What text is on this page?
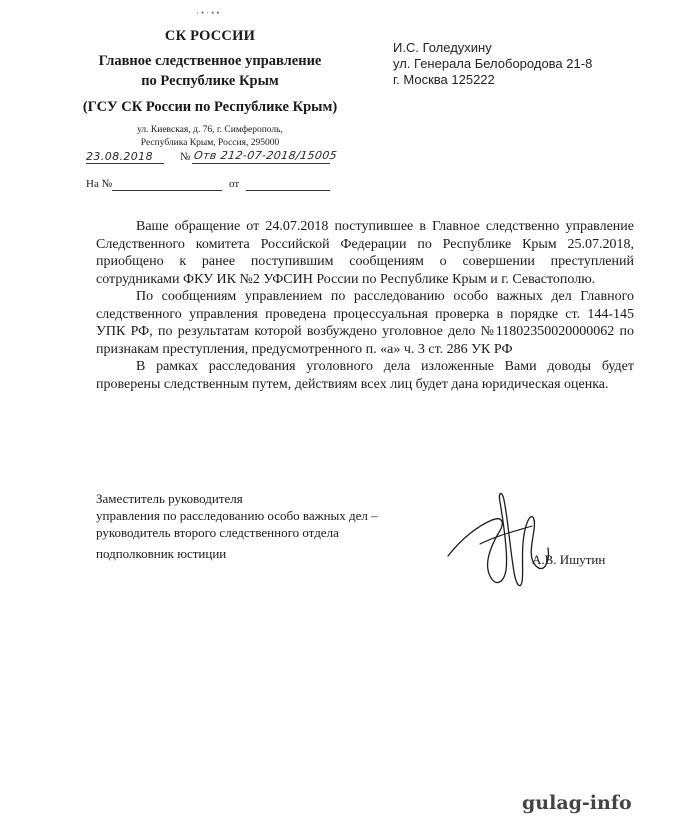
·•·••
СК РОССИИ
Главное следственное управление
по Республике Крым
(ГСУ СК России по Республике Крым)
ул. Киевская, д. 76, г. Симферополь,
Республика Крым, Россия, 295000
23.08.2018 № Отв 212-07-2018/15005
На №	от
И.С. Голедухину
ул. Генерала Белобородова 21-8
г. Москва 125222

Ваше обращение от 24.07.2018 поступившее в Главное следственно управление Следственного комитета Российской Федерации по Республике Крым 25.07.2018, приобщено к ранее поступившим сообщениям о совершении преступлений сотрудниками ФКУ ИК №2 УФСИН России по Республике Крым и г. Севастополю.

По сообщениям управлением по расследованию особо важных дел Главного следственного управления проведена процессуальная проверка в порядке ст. 144-145 УПК РФ, по результатам которой возбуждено уголовное дело №11802350020000062 по признакам преступления, предусмотренного п. «а» ч. 3 ст. 286 УК РФ

В рамках расследования уголовного дела изложенные Вами доводы будет проверены следственным путем, действиям всех лиц будет дана юридическая оценка.

Заместитель руководителя
управления по расследованию особо важных дел –
руководитель второго следственного отдела
подполковник юстиции	А.В. Ишутин
gulag-info
